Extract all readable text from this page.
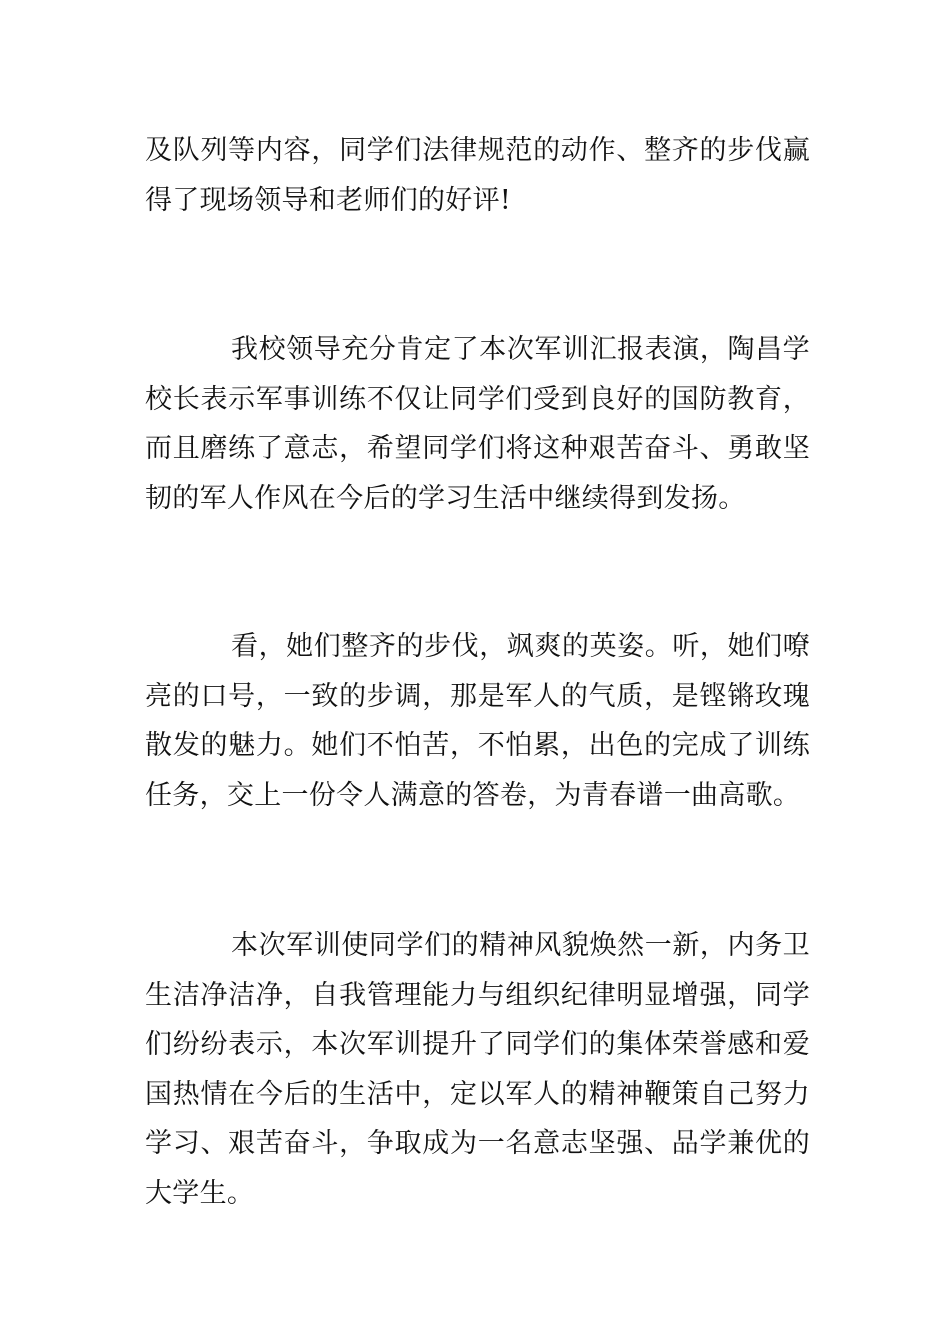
及队列等内容，同学们法律规范的动作、整齐的步伐赢得了现场领导和老师们的好评!

我校领导充分肯定了本次军训汇报表演，陶昌学校长表示军事训练不仅让同学们受到良好的国防教育，而且磨练了意志，希望同学们将这种艰苦奋斗、勇敢坚韧的军人作风在今后的学习生活中继续得到发扬。

看，她们整齐的步伐，飒爽的英姿。听，她们嘹亮的口号，一致的步调，那是军人的气质，是铿锵玫瑰散发的魅力。她们不怕苦，不怕累，出色的完成了训练任务，交上一份令人满意的答卷，为青春谱一曲高歌。

本次军训使同学们的精神风貌焕然一新，内务卫生洁净洁净，自我管理能力与组织纪律明显增强，同学们纷纷表示，本次军训提升了同学们的集体荣誉感和爱国热情在今后的生活中，定以军人的精神鞭策自己努力学习、艰苦奋斗，争取成为一名意志坚强、品学兼优的大学生。
